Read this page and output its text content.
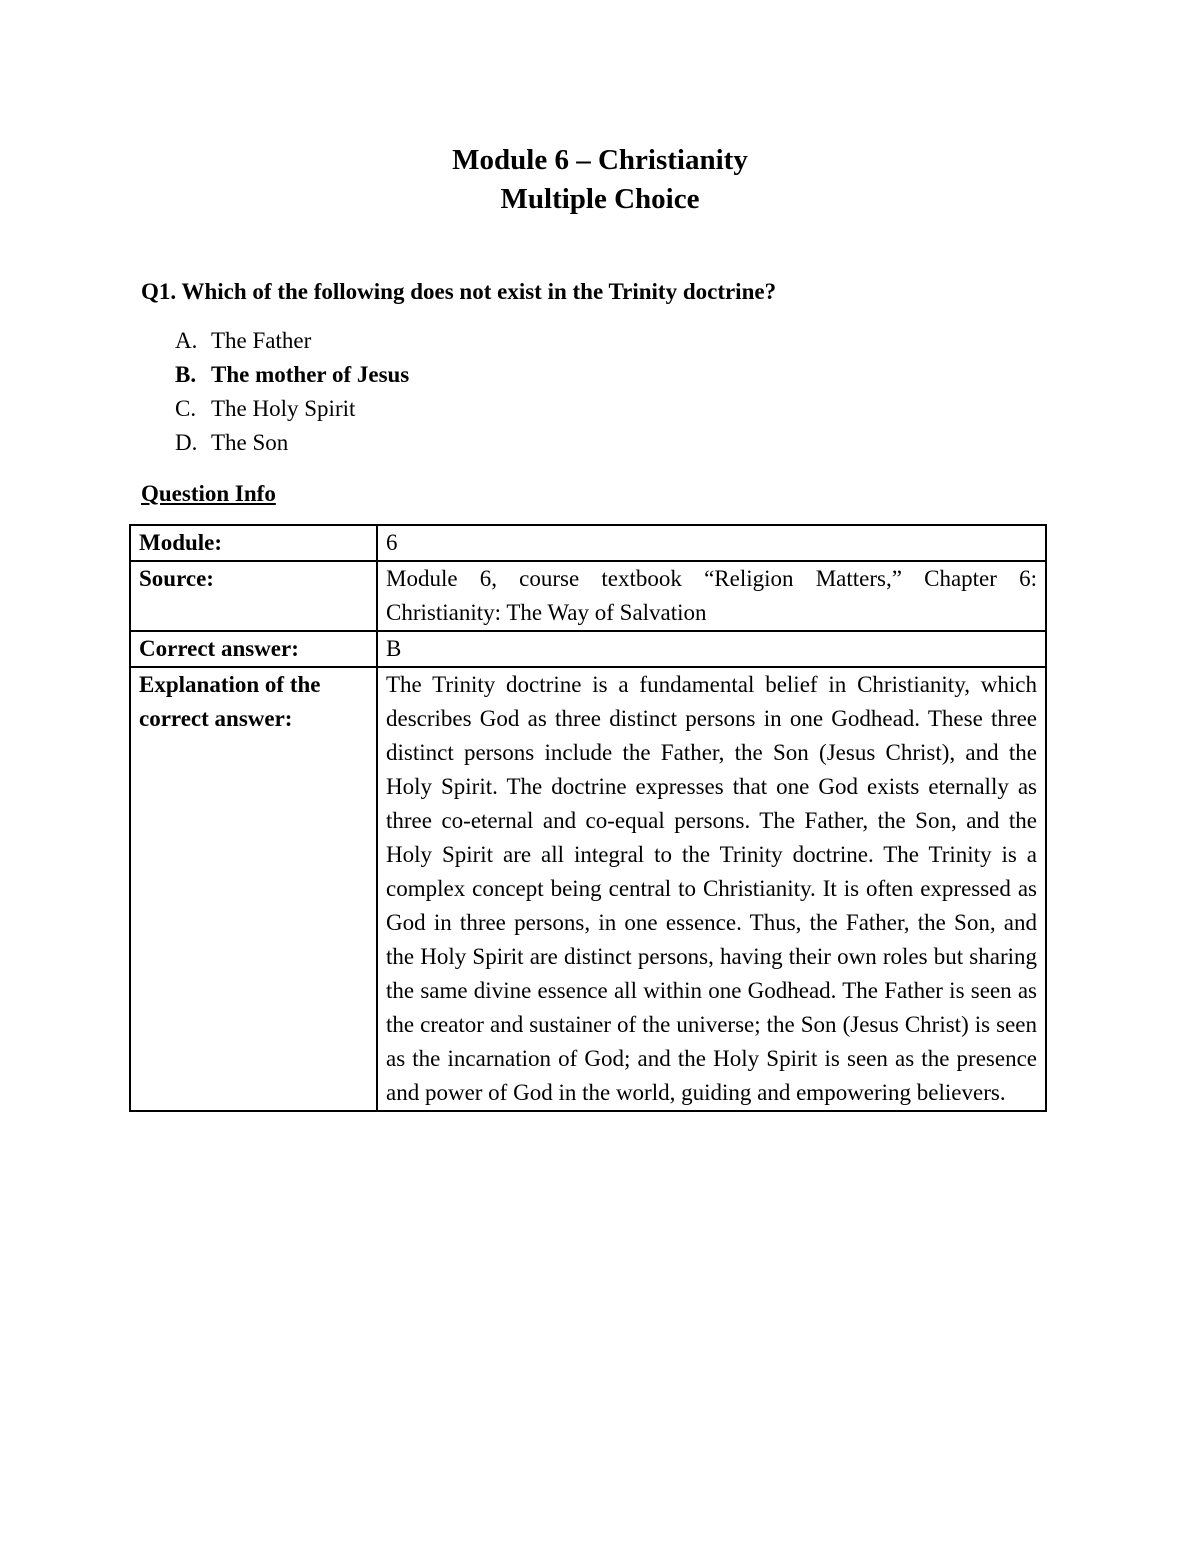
Module 6 – Christianity
Multiple Choice
Q1. Which of the following does not exist in the Trinity doctrine?
A. The Father
B. The mother of Jesus
C. The Holy Spirit
D. The Son
Question Info
Module:	6
Source:	Module 6, course textbook “Religion Matters,” Chapter 6: Christianity: The Way of Salvation
Correct answer:	B
Explanation of the correct answer:	The Trinity doctrine is a fundamental belief in Christianity, which describes God as three distinct persons in one Godhead. These three distinct persons include the Father, the Son (Jesus Christ), and the Holy Spirit. The doctrine expresses that one God exists eternally as three co-eternal and co-equal persons. The Father, the Son, and the Holy Spirit are all integral to the Trinity doctrine. The Trinity is a complex concept being central to Christianity. It is often expressed as God in three persons, in one essence. Thus, the Father, the Son, and the Holy Spirit are distinct persons, having their own roles but sharing the same divine essence all within one Godhead. The Father is seen as the creator and sustainer of the universe; the Son (Jesus Christ) is seen as the incarnation of God; and the Holy Spirit is seen as the presence and power of God in the world, guiding and empowering believers.
